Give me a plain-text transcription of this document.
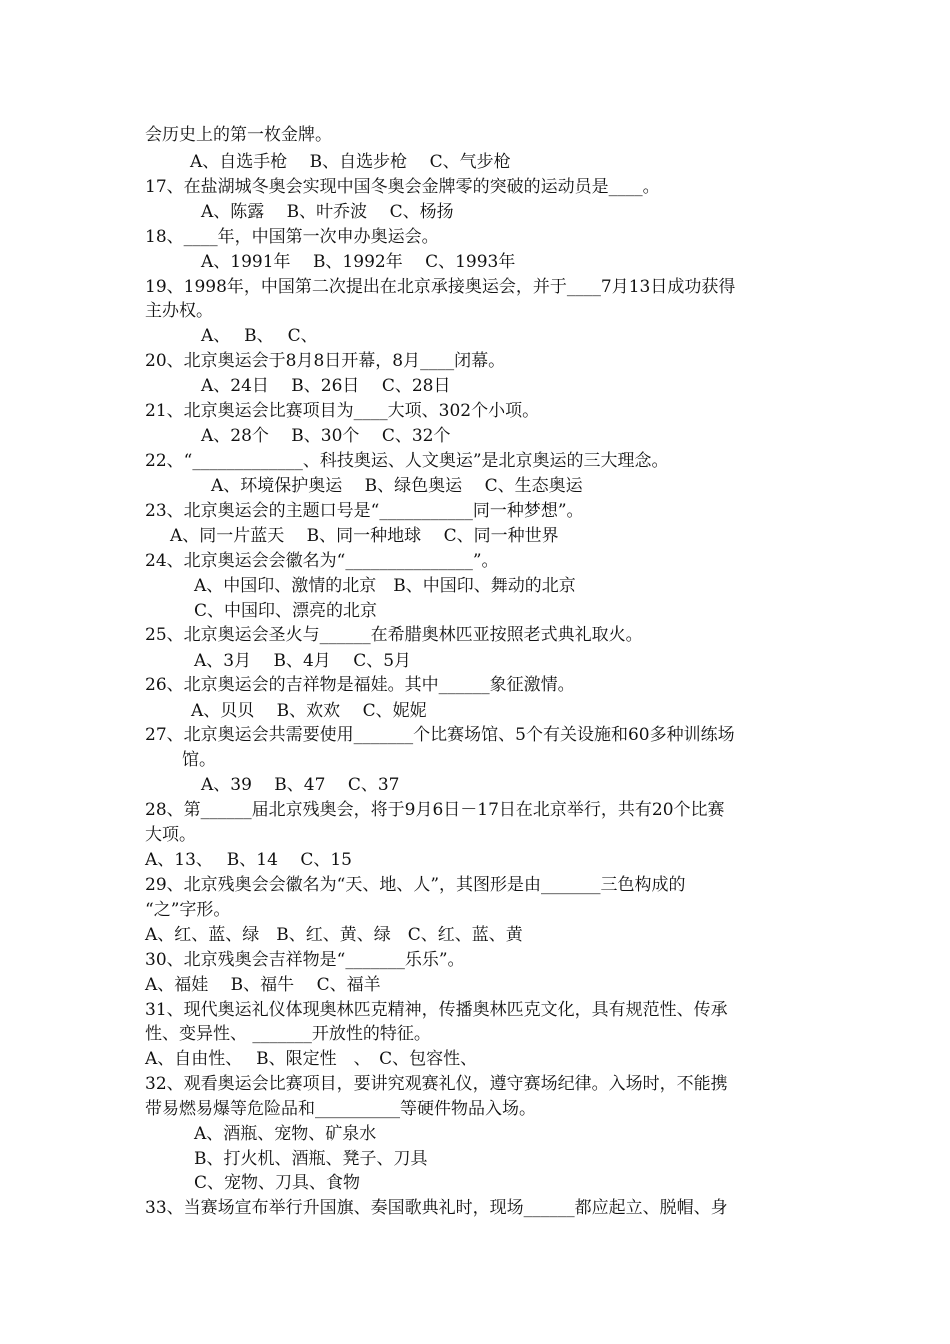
会历史上的第一枚金牌。
A、自选手枪　 B、自选步枪　 C、气步枪
17、在盐湖城冬奥会实现中国冬奥会金牌零的突破的运动员是____。
A、陈露　 B、叶乔波　 C、杨扬
18、____年，中国第一次申办奥运会。
A、1991年　 B、1992年　 C、1993年
19、1998年，中国第二次提出在北京承接奥运会，并于____7月13日成功获得
主办权。
A、　 B、　 C、
20、北京奥运会于8月8日开幕，8月____闭幕。
A、24日　 B、26日　 C、28日
21、北京奥运会比赛项目为____大项、302个小项。
A、28个　 B、30个　 C、32个
22、“_____________、科技奥运、人文奥运”是北京奥运的三大理念。
A、环境保护奥运　 B、绿色奥运　 C、生态奥运
23、北京奥运会的主题口号是“___________同一种梦想”。
A、同一片蓝天　 B、同一种地球　 C、同一种世界
24、北京奥运会会徽名为“_______________”。
A、中国印、激情的北京　B、中国印、舞动的北京
C、中国印、漂亮的北京
25、北京奥运会圣火与______在希腊奥林匹亚按照老式典礼取火。
A、3月　 B、4月　 C、5月
26、北京奥运会的吉祥物是福娃。其中______象征激情。
A、贝贝　 B、欢欢　 C、妮妮
27、北京奥运会共需要使用_______个比赛场馆、5个有关设施和60多种训练场
馆。
A、39　 B、47　 C、37
28、第______届北京残奥会，将于9月6日－17日在北京举行，共有20个比赛
大项。
A、13、　 B、14　 C、15
29、北京残奥会会徽名为“天、地、人”，其图形是由_______三色构成的
“之”字形。
A、红、蓝、绿　B、红、黄、绿　C、红、蓝、黄
30、北京残奥会吉祥物是“_______乐乐”。
A、福娃　 B、福牛　 C、福羊
31、现代奥运礼仪体现奥林匹克精神，传播奥林匹克文化，具有规范性、传承
性、变异性、 _______开放性的特征。
A、自由性、　 B、限定性　、　C、包容性、
32、观看奥运会比赛项目，要讲究观赛礼仪，遵守赛场纪律。入场时，不能携
带易燃易爆等危险品和__________等硬件物品入场。
A、酒瓶、宠物、矿泉水
B、打火机、酒瓶、凳子、刀具
C、宠物、刀具、食物
33、当赛场宣布举行升国旗、奏国歌典礼时，现场______都应起立、脱帽、身
